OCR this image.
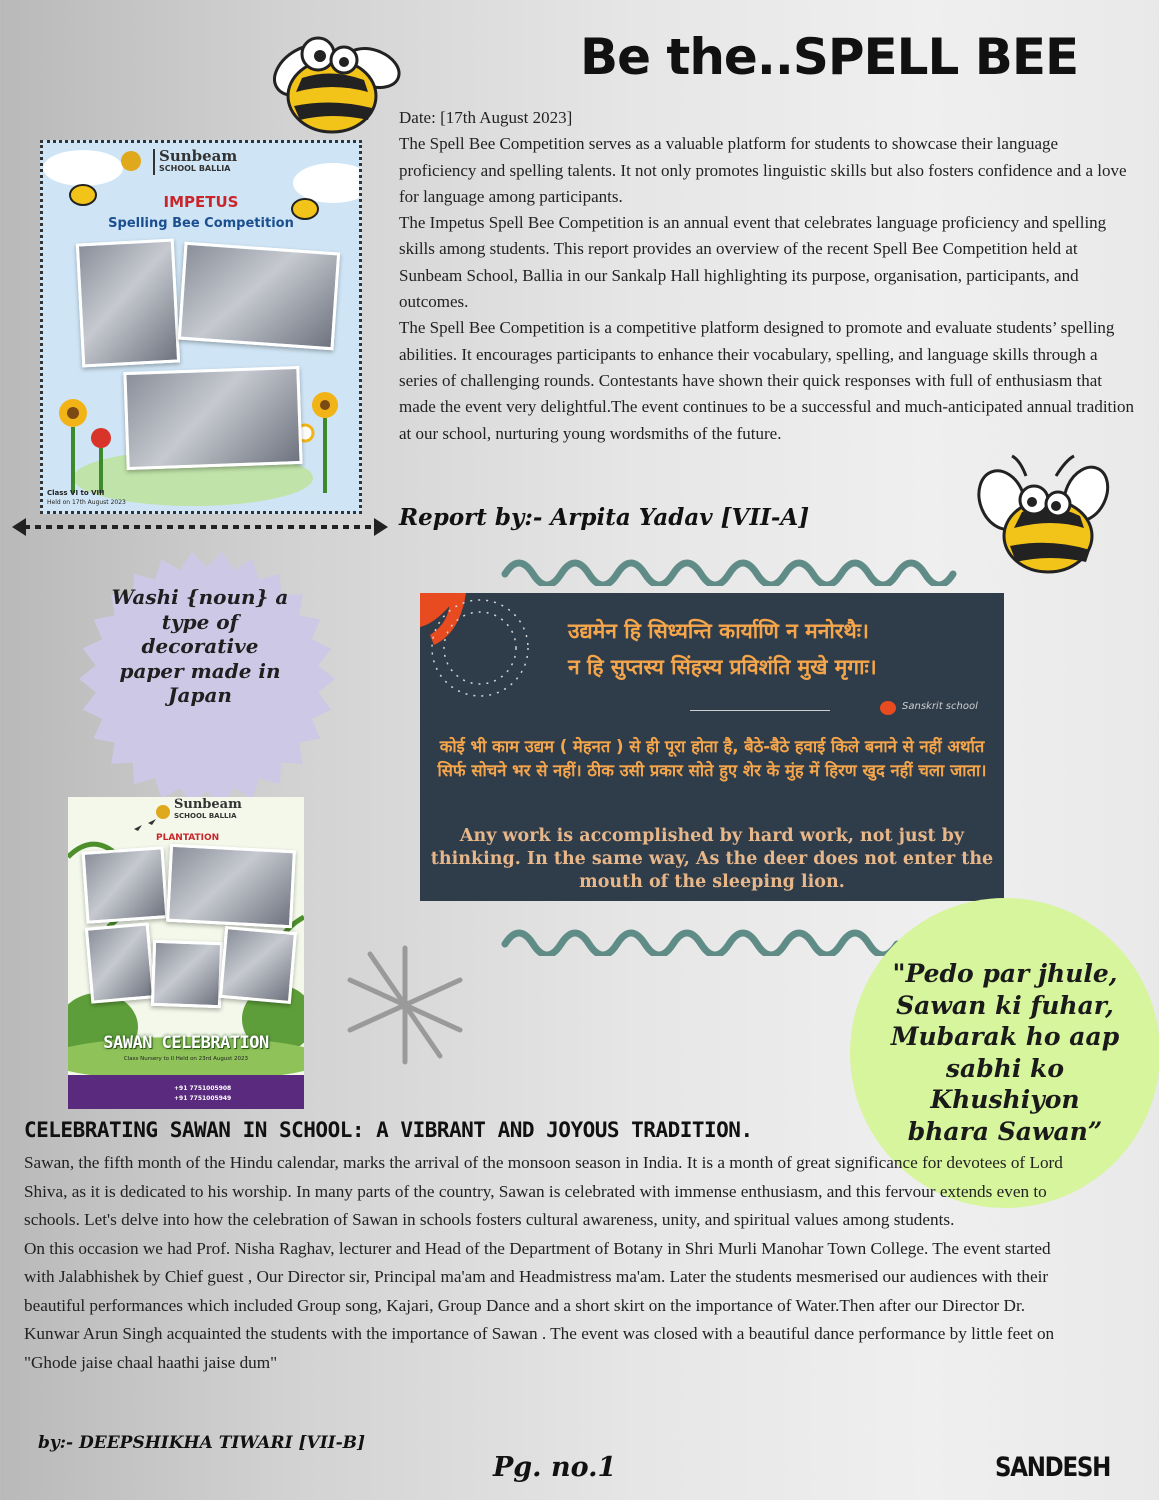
Be the..SPELL BEE
Sunbeam
SCHOOL BALLIA
IMPETUS
Spelling Bee Competition
Class VI to VIII
Held on 17th August 2023
Date: [17th August 2023]
The Spell Bee Competition serves as a valuable platform for students to showcase their language proficiency and spelling talents. It not only promotes linguistic skills but also fosters confidence and a love for language among participants.
The Impetus Spell Bee Competition is an annual event that celebrates language proficiency and spelling skills among students. This report provides an overview of the recent Spell Bee Competition held at Sunbeam School, Ballia in our Sankalp Hall highlighting its purpose, organisation, participants, and outcomes.
The Spell Bee Competition is a competitive platform designed to promote and evaluate students’ spelling abilities. It encourages participants to enhance their vocabulary, spelling, and language skills through a series of challenging rounds. Contestants have shown their quick responses with full of enthusiasm that made the event very delightful.The event continues to be a successful and much-anticipated annual tradition at our school, nurturing young wordsmiths of the future.
Report by:- Arpita Yadav [VII-A]
Washi {noun} a type of decorative paper made in Japan
उद्यमेन हि सिध्यन्ति कार्याणि न मनोरथैः।
न हि सुप्तस्य सिंहस्य प्रविशंति मुखे मृगाः।
Sanskrit school
कोई भी काम उद्यम ( मेहनत ) से ही पूरा होता है, बैठे-बैठे हवाई किले बनाने से नहीं अर्थात सिर्फ सोचने भर से नहीं। ठीक उसी प्रकार सोते हुए शेर के मुंह में हिरण खुद नहीं चला जाता।
Any work is accomplished by hard work, not just by thinking. In the same way, As the deer does not enter the mouth of the sleeping lion.
Sunbeam
SCHOOL BALLIA
PLANTATION
SAWAN CELEBRATION
Class Nursery to II Held on 23rd August 2023
+91 7751005908
+91 7751005949
"Pedo par jhule,
Sawan ki fuhar,
Mubarak ho aap
sabhi ko
Khushiyon
bhara Sawan”
CELEBRATING SAWAN IN SCHOOL: A VIBRANT AND JOYOUS TRADITION.
Sawan, the fifth month of the Hindu calendar, marks the arrival of the monsoon season in India. It is a month of great significance for devotees of Lord Shiva, as it is dedicated to his worship. In many parts of the country, Sawan is celebrated with immense enthusiasm, and this fervour extends even to schools. Let's delve into how the celebration of Sawan in schools fosters cultural awareness, unity, and spiritual values among students.
On this occasion we had Prof. Nisha Raghav, lecturer and Head of the Department of Botany in Shri Murli Manohar Town College. The event started with Jalabhishek by Chief guest , Our Director sir, Principal ma'am and Headmistress ma'am. Later the students mesmerised our audiences with their beautiful performances which included Group song, Kajari, Group Dance and a short skirt on the importance of Water.Then after our Director Dr. Kunwar Arun Singh acquainted the students with the importance of Sawan . The event was closed with a beautiful dance performance by little feet on "Ghode jaise chaal haathi jaise dum"
by:- DEEPSHIKHA TIWARI [VII-B]
Pg. no.1	SANDESH
